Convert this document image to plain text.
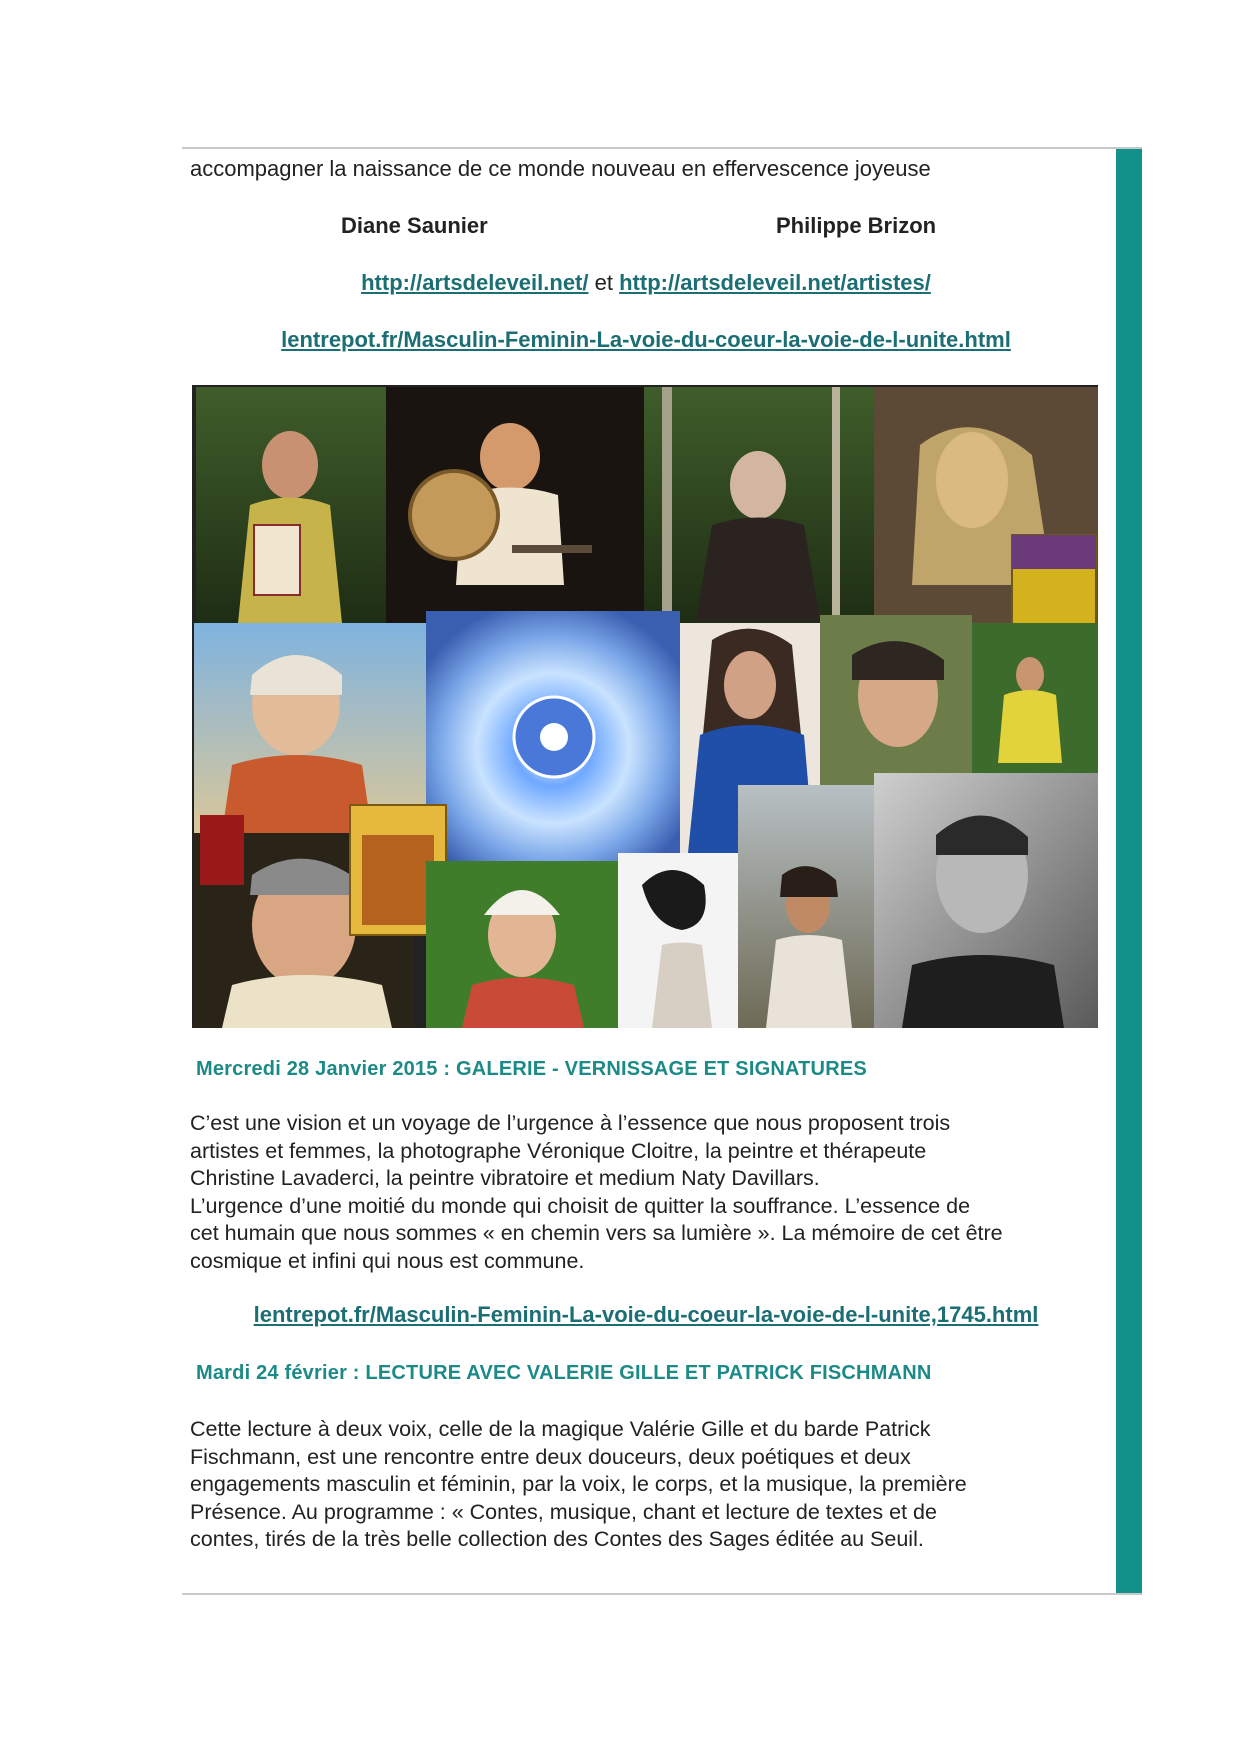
accompagner la naissance de ce monde nouveau en effervescence joyeuse
Diane Saunier	Philippe Brizon
http://artsdeleveil.net/ et http://artsdeleveil.net/artistes/
lentrepot.fr/Masculin-Feminin-La-voie-du-coeur-la-voie-de-l-unite.html
Mercredi 28 Janvier 2015 : GALERIE - VERNISSAGE ET SIGNATURES
C’est une vision et un voyage de l’urgence à l’essence que nous proposent trois
artistes et femmes, la photographe Véronique Cloitre, la peintre et thérapeute
Christine Lavaderci, la peintre vibratoire et medium Naty Davillars.
L’urgence d’une moitié du monde qui choisit de quitter la souffrance. L’essence de
cet humain que nous sommes « en chemin vers sa lumière ». La mémoire de cet être
cosmique et infini qui nous est commune.
lentrepot.fr/Masculin-Feminin-La-voie-du-coeur-la-voie-de-l-unite,1745.html
Mardi 24 février : LECTURE AVEC VALERIE GILLE ET PATRICK FISCHMANN
Cette lecture à deux voix, celle de la magique Valérie Gille et du barde Patrick
Fischmann, est une rencontre entre deux douceurs, deux poétiques et deux
engagements masculin et féminin, par la voix, le corps, et la musique, la première
Présence. Au programme : « Contes, musique, chant et lecture de textes et de
contes, tirés de la très belle collection des Contes des Sages éditée au Seuil.
